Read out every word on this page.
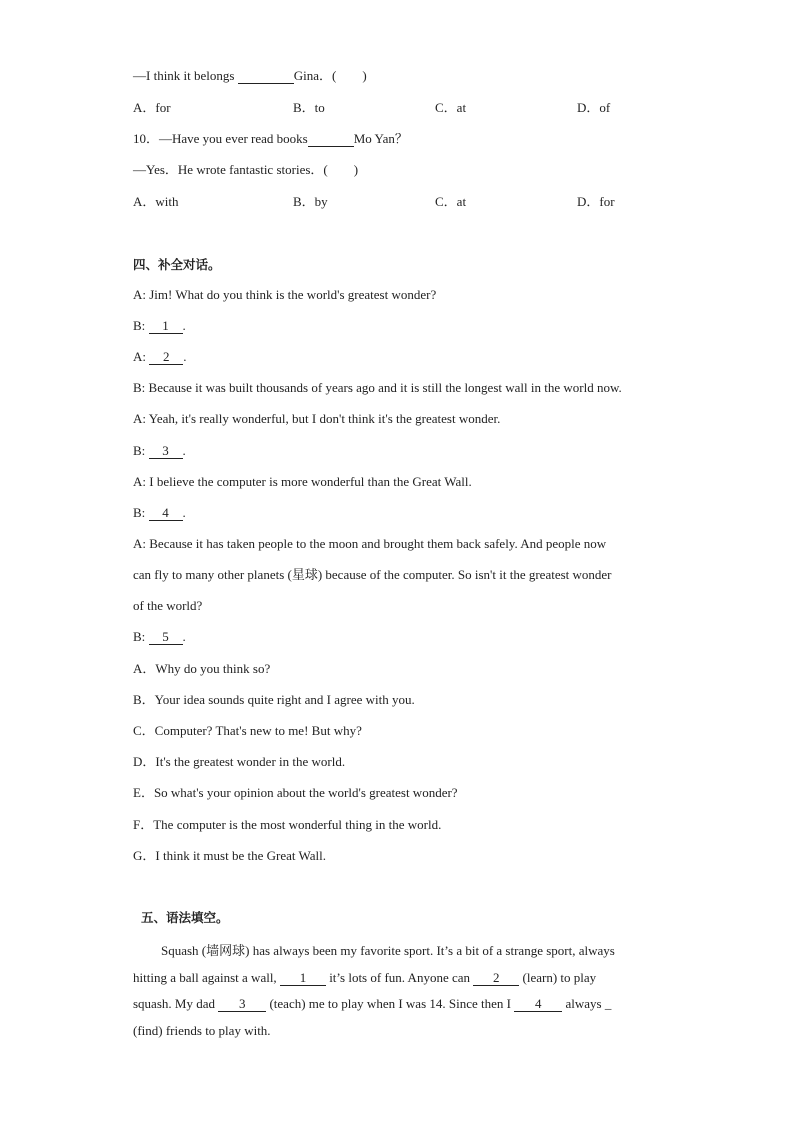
—I think it belongs	Gina．(　　)
A．for	B．to	C．at	D．of
10．—Have you ever read books	Mo Yan？
—Yes．He wrote fantastic stories．(　　)
A．with	B．by	C．at	D．for
四、补全对话。
A: Jim! What do you think is the world's greatest wonder?
B: 1 .
A: 2 .
B: Because it was built thousands of years ago and it is still the longest wall in the world now.
A: Yeah, it's really wonderful, but I don't think it's the greatest wonder.
B: 3 .
A: I believe the computer is more wonderful than the Great Wall.
B: 4 .
A: Because it has taken people to the moon and brought them back safely. And people now
can fly to many other planets (星球) because of the computer. So isn't it the greatest wonder
of the world?
B: 5 .
A．Why do you think so?
B．Your idea sounds quite right and I agree with you.
C．Computer? That's new to me! But why?
D．It's the greatest wonder in the world.
E．So what's your opinion about the world's greatest wonder?
F．The computer is the most wonderful thing in the world.
G．I think it must be the Great Wall.
五、语法填空。
Squash (墙网球) has always been my favorite sport. It’s a bit of a strange sport, always
hitting a ball against a wall, 1 it’s lots of fun. Anyone can 2 (learn) to play
squash. My dad 3 (teach) me to play when I was 14. Since then I 4 always _
(find) friends to play with.
